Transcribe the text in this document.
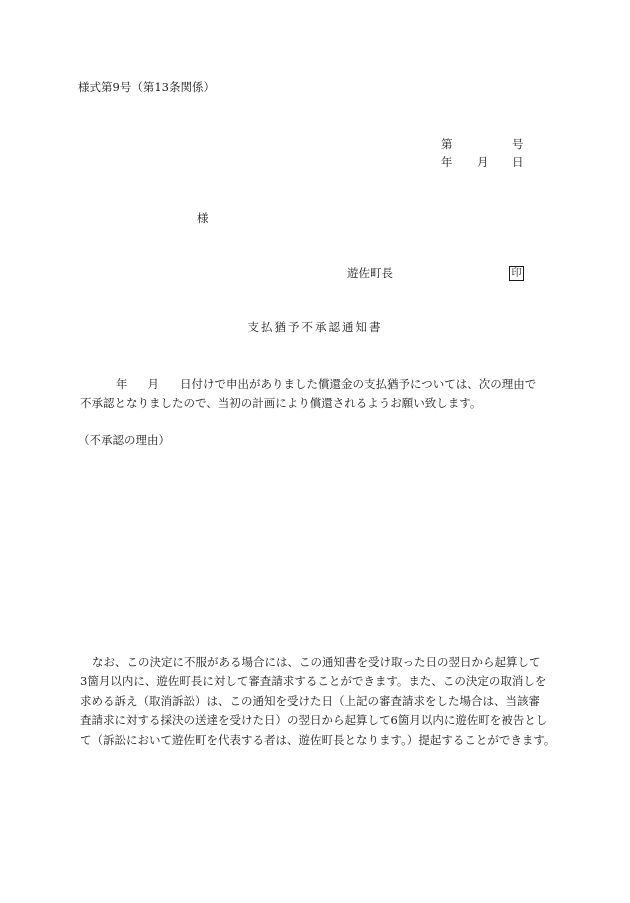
様式第9号（第13条関係）
第	号
年 月 日
様
遊佐町長	印
支払猶予不承認通知書
年 月 日付けで申出がありました償還金の支払猶予については、次の理由で
不承認となりましたので、当初の計画により償還されるようお願い致します。
（不承認の理由）
なお、この決定に不服がある場合には、この通知書を受け取った日の翌日から起算して
3箇月以内に、遊佐町長に対して審査請求することができます。また、この決定の取消しを
求める訴え（取消訴訟）は、この通知を受けた日（上記の審査請求をした場合は、当該審
査請求に対する採決の送達を受けた日）の翌日から起算して6箇月以内に遊佐町を被告とし
て（訴訟において遊佐町を代表する者は、遊佐町長となります。）提起することができます。
